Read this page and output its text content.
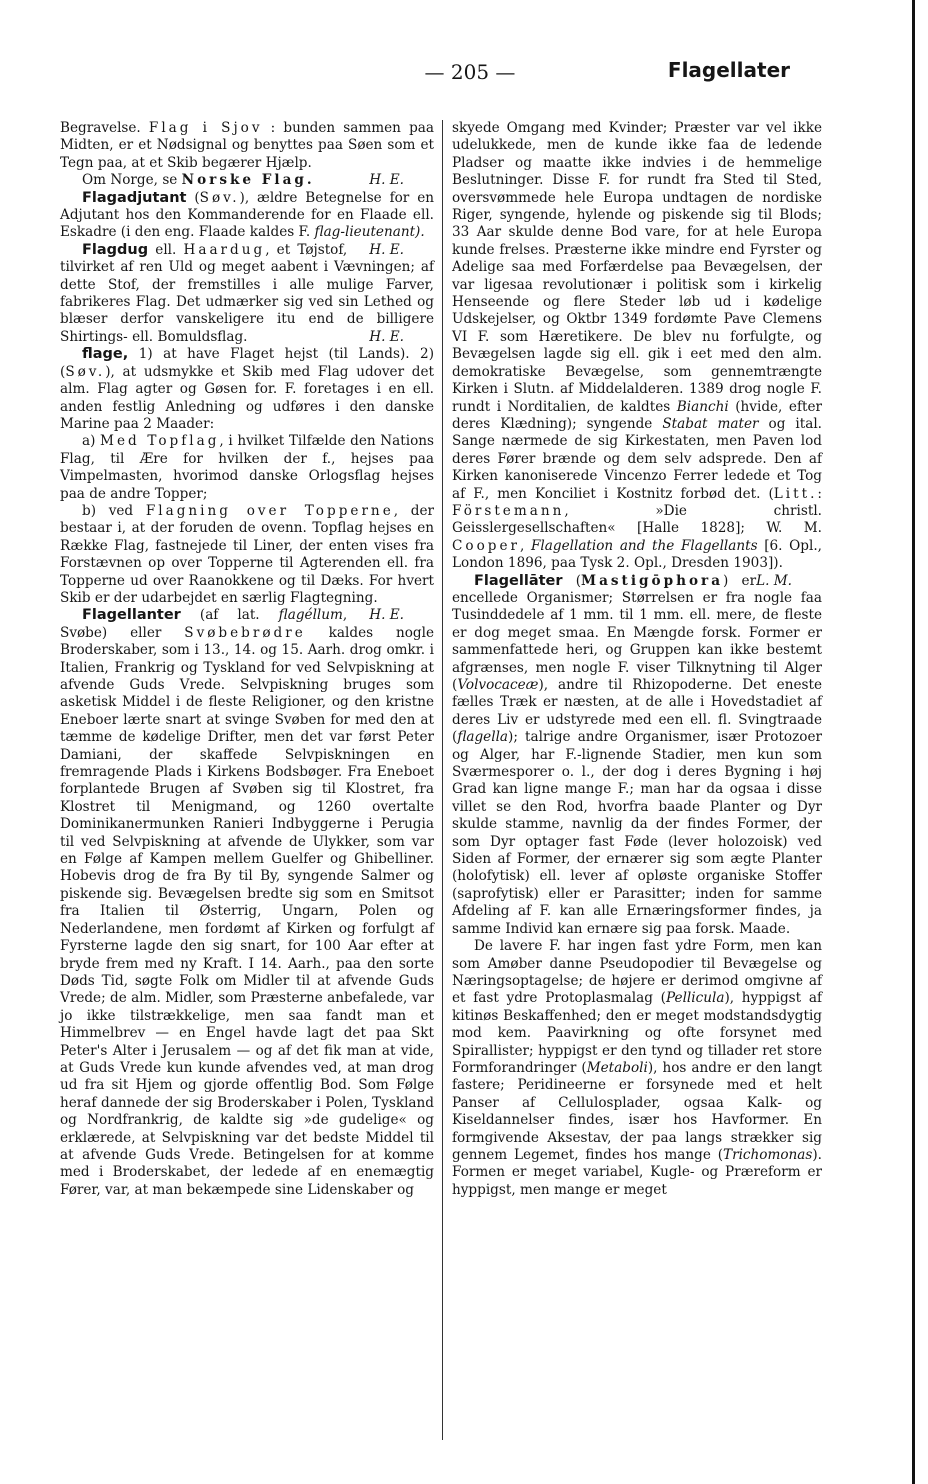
— 205 —	Flagellater

Begravelse. Flag i Sjov : bunden sammen paa Midten, er et Nødsignal og benyttes paa Søen som et Tegn paa, at et Skib begærer Hjælp.

Om Norge, se Norske Flag.	H. E.

Flagadjutant (Søv.), ældre Betegnelse for en Adjutant hos den Kommanderende for en Flaade ell. Eskadre (i den eng. Flaade kaldes F. flag-lieutenant).
H. E.

Flagdug ell. Haardug, et Tøjstof, tilvirket af ren Uld og meget aabent i Vævningen; af dette Stof, der fremstilles i alle mulige Farver, fabrikeres Flag. Det udmærker sig ved sin Lethed og blæser derfor vanskeligere itu end de billigere Shirtings- ell. Bomuldsflag.	H. E.

flage, 1) at have Flaget hejst (til Lands). 2) (Søv.), at udsmykke et Skib med Flag udover det alm. Flag agter og Gøsen for. F. foretages i en ell. anden festlig Anledning og udføres i den danske Marine paa 2 Maader:

a) Med Topflag, i hvilket Tilfælde den Nations Flag, til Ære for hvilken der f., hejses paa Vimpelmasten, hvorimod danske Orlogsflag hejses paa de andre Topper;

b) ved Flagning over Topperne, der bestaar i, at der foruden de ovenn. Topflag hejses en Række Flag, fastnejede til Liner, der enten vises fra Forstævnen op over Topperne til Agterenden ell. fra Topperne ud over Raanokkene og til Dæks. For hvert Skib er der udarbejdet en særlig Flagtegning.
H. E.

Flagellanter (af lat. flagéllum, Svøbe) eller Svøbebrødre kaldes nogle Broderskaber, som i 13., 14. og 15. Aarh. drog omkr. i Italien, Frankrig og Tyskland for ved Selvpiskning at afvende Guds Vrede. Selvpiskning bruges som asketisk Middel i de fleste Religioner, og den kristne Eneboer lærte snart at svinge Svøben for med den at tæmme de kødelige Drifter, men det var først Peter Damiani, der skaffede Selvpiskningen en fremragende Plads i Kirkens Bodsbøger. Fra Eneboet forplantede Brugen af Svøben sig til Klostret, fra Klostret til Menigmand, og 1260 overtalte Dominikanermunken Ranieri Indbyggerne i Perugia til ved Selvpiskning at afvende de Ulykker, som var en Følge af Kampen mellem Guelfer og Ghibelliner. Hobevis drog de fra By til By, syngende Salmer og piskende sig. Bevægelsen bredte sig som en Smitsot fra Italien til Østerrig, Ungarn, Polen og Nederlandene, men fordømt af Kirken og forfulgt af Fyrsterne lagde den sig snart, for 100 Aar efter at bryde frem med ny Kraft. I 14. Aarh., paa den sorte Døds Tid, søgte Folk om Midler til at afvende Guds Vrede; de alm. Midler, som Præsterne anbefalede, var jo ikke tilstrækkelige, men saa fandt man et Himmelbrev — en Engel havde lagt det paa Skt Peter's Alter i Jerusalem — og af det fik man at vide, at Guds Vrede kun kunde afvendes ved, at man drog ud fra sit Hjem og gjorde offentlig Bod. Som Følge heraf dannede der sig Broderskaber i Polen, Tyskland og Nordfrankrig, de kaldte sig »de gudelige« og erklærede, at Selvpiskning var det bedste Middel til at afvende Guds Vrede. Betingelsen for at komme med i Broderskabet, der ledede af en enemægtig Fører, var, at man bekæmpede sine Lidenskaber og

skyede Omgang med Kvinder; Præster var vel ikke udelukkede, men de kunde ikke faa de ledende Pladser og maatte ikke indvies i de hemmelige Beslutninger. Disse F. for rundt fra Sted til Sted, oversvømmede hele Europa undtagen de nordiske Riger, syngende, hylende og piskende sig til Blods; 33 Aar skulde denne Bod vare, for at hele Europa kunde frelses. Præsterne ikke mindre end Fyrster og Adelige saa med Forfærdelse paa Bevægelsen, der var ligesaa revolutionær i politisk som i kirkelig Henseende og flere Steder løb ud i kødelige Udskejelser, og Oktbr 1349 fordømte Pave Clemens VI F. som Hæretikere. De blev nu forfulgte, og Bevægelsen lagde sig ell. gik i eet med den alm. demokratiske Bevægelse, som gennemtrængte Kirken i Slutn. af Middelalderen. 1389 drog nogle F. rundt i Norditalien, de kaldtes Bianchi (hvide, efter deres Klædning); syngende Stabat mater og ital. Sange nærmede de sig Kirkestaten, men Paven lod deres Fører brænde og dem selv adsprede. Den af Kirken kanoniserede Vincenzo Ferrer ledede et Tog af F., men Konciliet i Kostnitz forbød det. (Litt.: Förstemann, »Die christl. Geisslergesellschaften« [Halle 1828]; W. M. Cooper, Flagellation and the Flagellants [6. Opl., London 1896, paa Tysk 2. Opl., Dresden 1903]).
L. M.

Flagellāter (Mastigōphora) er encellede Organismer; Størrelsen er fra nogle faa Tusinddedele af 1 mm. til 1 mm. ell. mere, de fleste er dog meget smaa. En Mængde forsk. Former er sammenfattede heri, og Gruppen kan ikke bestemt afgrænses, men nogle F. viser Tilknytning til Alger (Volvocaceæ), andre til Rhizopoderne. Det eneste fælles Træk er næsten, at de alle i Hovedstadiet af deres Liv er udstyrede med een ell. fl. Svingtraade (flagella); talrige andre Organismer, især Protozoer og Alger, har F.-lignende Stadier, men kun som Sværmesporer o. l., der dog i deres Bygning i høj Grad kan ligne mange F.; man har da ogsaa i disse villet se den Rod, hvorfra baade Planter og Dyr skulde stamme, navnlig da der findes Former, der som Dyr optager fast Føde (lever holozoisk) ved Siden af Former, der ernærer sig som ægte Planter (holofytisk) ell. lever af opløste organiske Stoffer (saprofytisk) eller er Parasitter; inden for samme Afdeling af F. kan alle Ernæringsformer findes, ja samme Individ kan ernære sig paa forsk. Maade.

De lavere F. har ingen fast ydre Form, men kan som Amøber danne Pseudopodier til Bevægelse og Næringsoptagelse; de højere er derimod omgivne af et fast ydre Protoplasmalag (Pellicula), hyppigst af kitinøs Beskaffenhed; den er meget modstandsdygtig mod kem. Paavirkning og ofte forsynet med Spirallister; hyppigst er den tynd og tillader ret store Formforandringer (Metaboli), hos andre er den langt fastere; Peridineerne er forsynede med et helt Panser af Cellulosplader, ogsaa Kalk- og Kiseldannelser findes, især hos Havformer. En formgivende Aksestav, der paa langs strækker sig gennem Legemet, findes hos mange (Trichomonas). Formen er meget variabel, Kugle- og Præreform er hyppigst, men mange er meget
